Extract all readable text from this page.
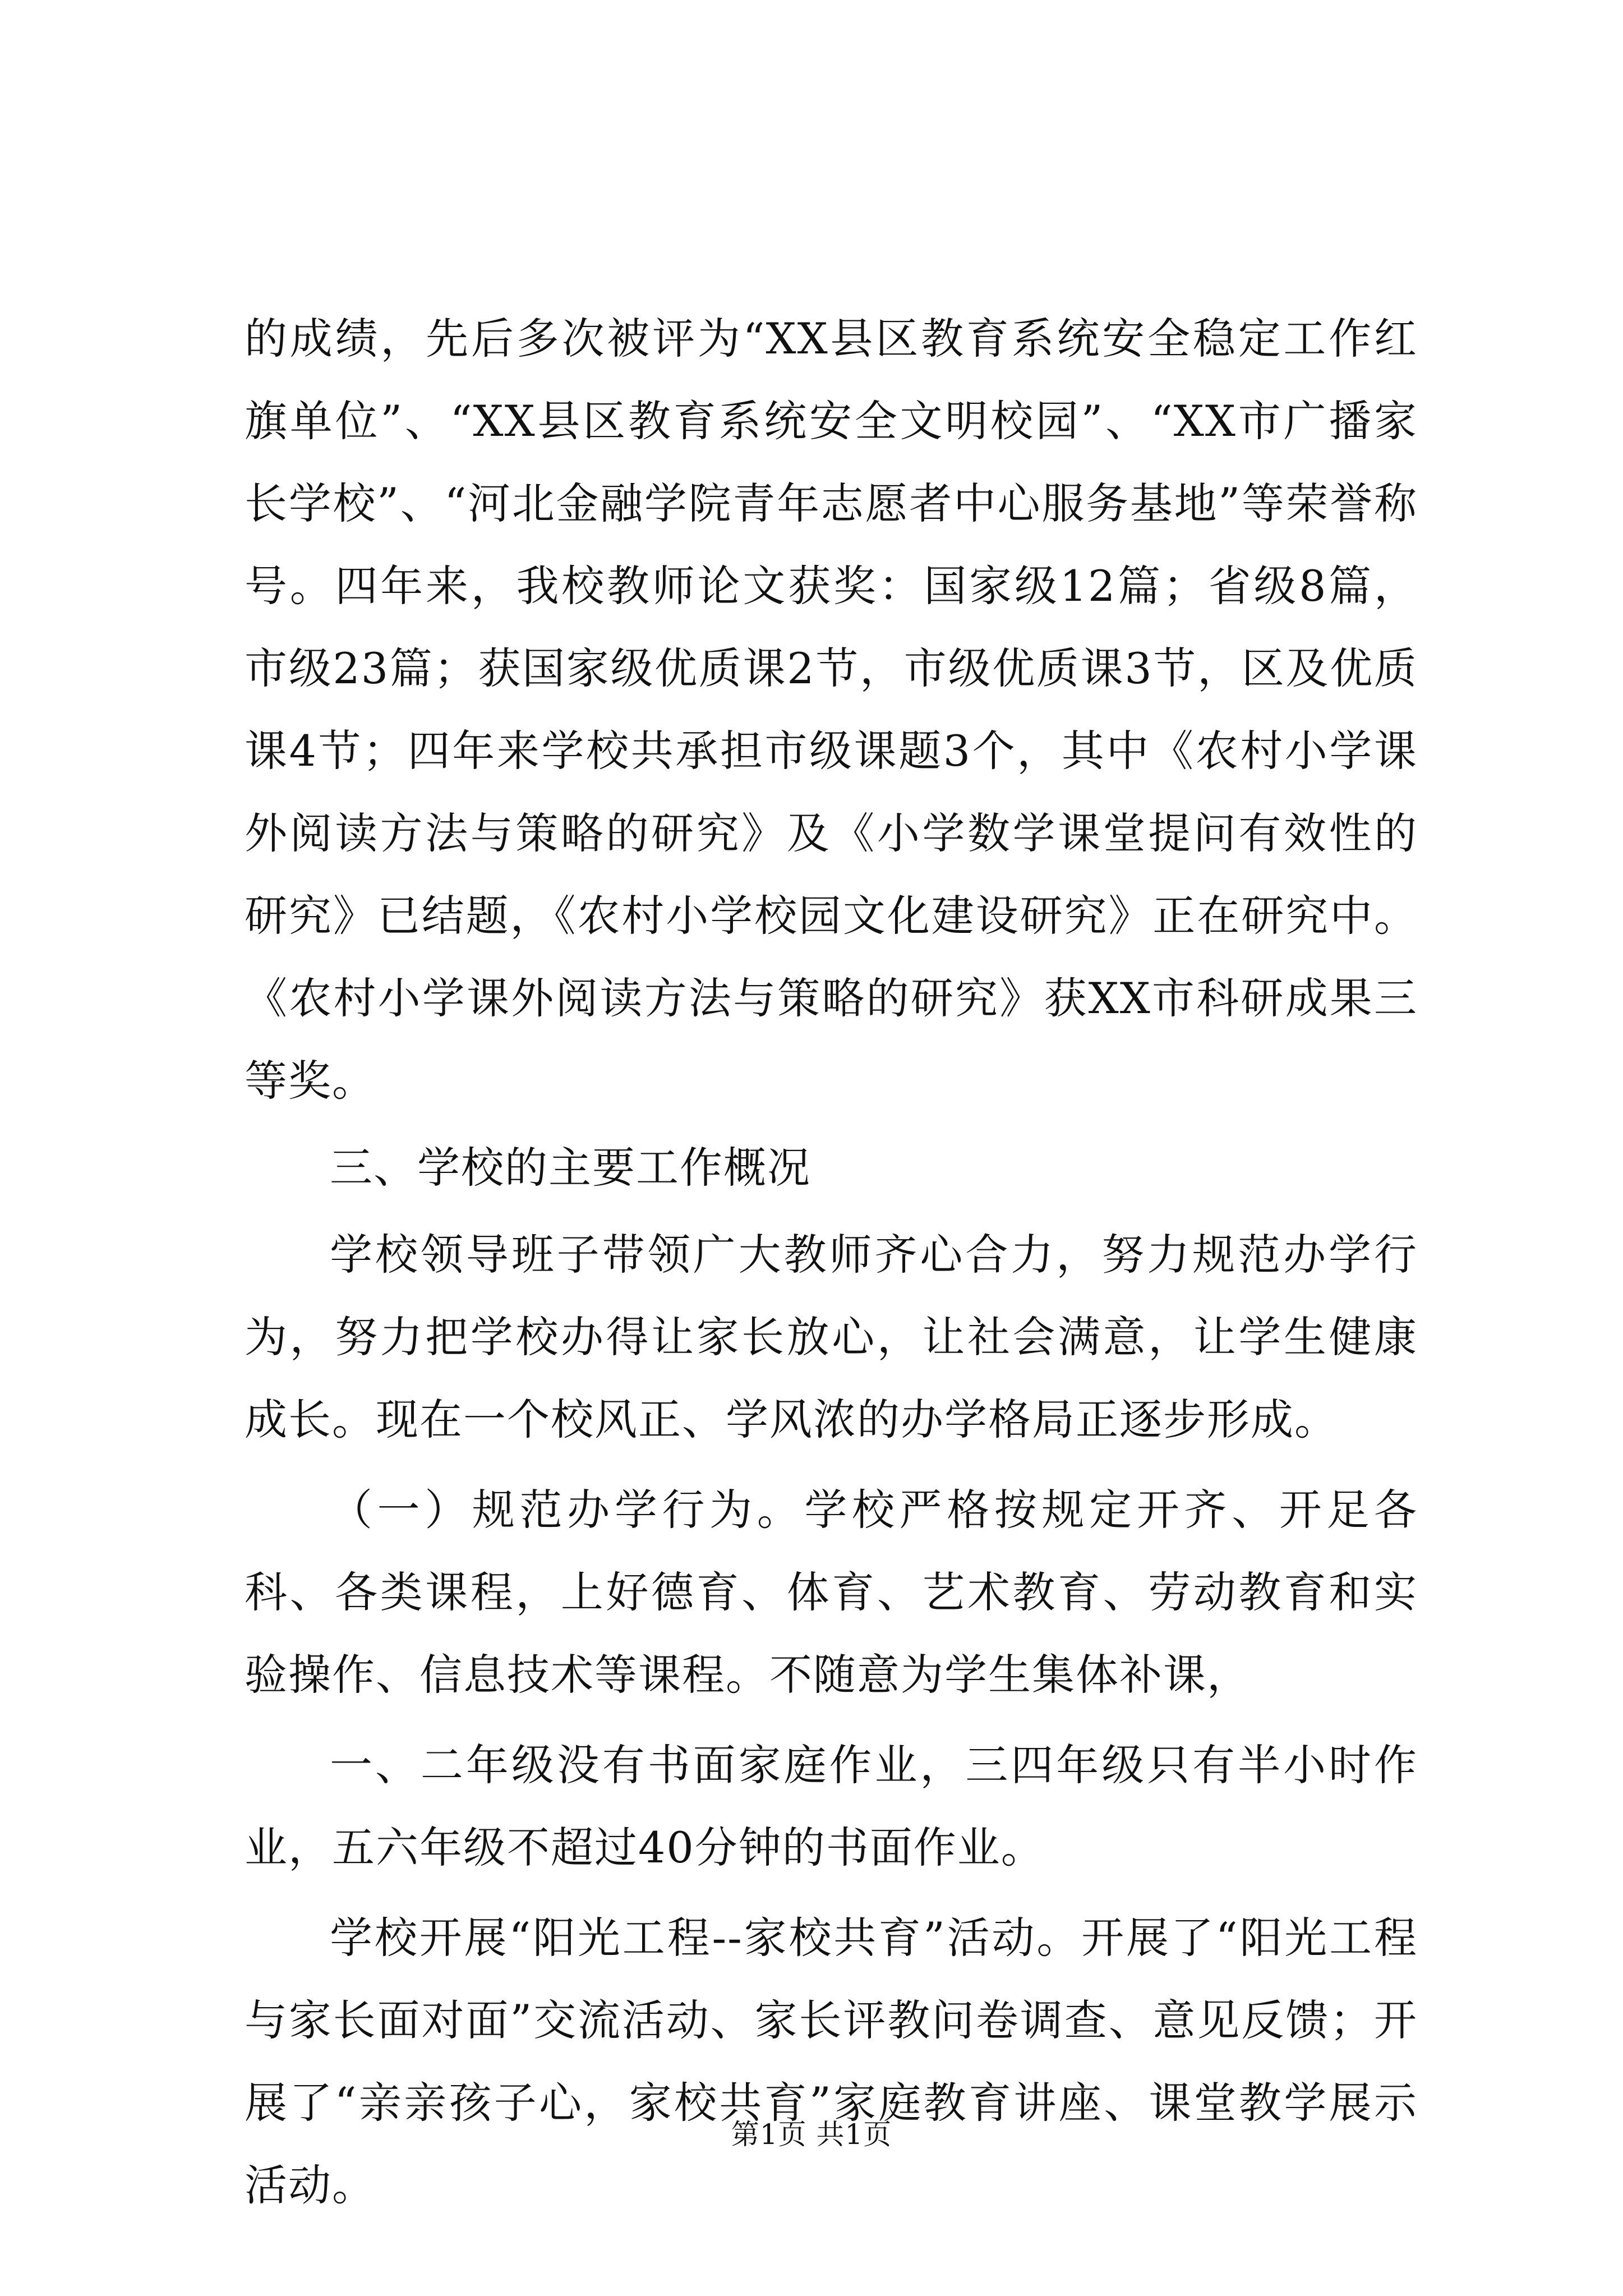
的成绩，先后多次被评为“XX县区教育系统安全稳定工作红旗单位”、“XX县区教育系统安全文明校园”、“XX市广播家长学校”、“河北金融学院青年志愿者中心服务基地”等荣誉称号。四年来，我校教师论文获奖：国家级12篇；省级8篇，市级23篇；获国家级优质课2节，市级优质课3节，区及优质课4节；四年来学校共承担市级课题3个，其中《农村小学课外阅读方法与策略的研究》及《小学数学课堂提问有效性的研究》已结题，《农村小学校园文化建设研究》正在研究中。《农村小学课外阅读方法与策略的研究》获XX市科研成果三等奖。

三、学校的主要工作概况

学校领导班子带领广大教师齐心合力，努力规范办学行为，努力把学校办得让家长放心，让社会满意，让学生健康成长。现在一个校风正、学风浓的办学格局正逐步形成。

（一）规范办学行为。学校严格按规定开齐、开足各科、各类课程，上好德育、体育、艺术教育、劳动教育和实验操作、信息技术等课程。不随意为学生集体补课，

一、二年级没有书面家庭作业，三四年级只有半小时作业，五六年级不超过40分钟的书面作业。

学校开展“阳光工程--家校共育”活动。开展了“阳光工程与家长面对面”交流活动、家长评教问卷调查、意见反馈；开展了“亲亲孩子心，家校共育”家庭教育讲座、课堂教学展示活动。

第1页 共1页
